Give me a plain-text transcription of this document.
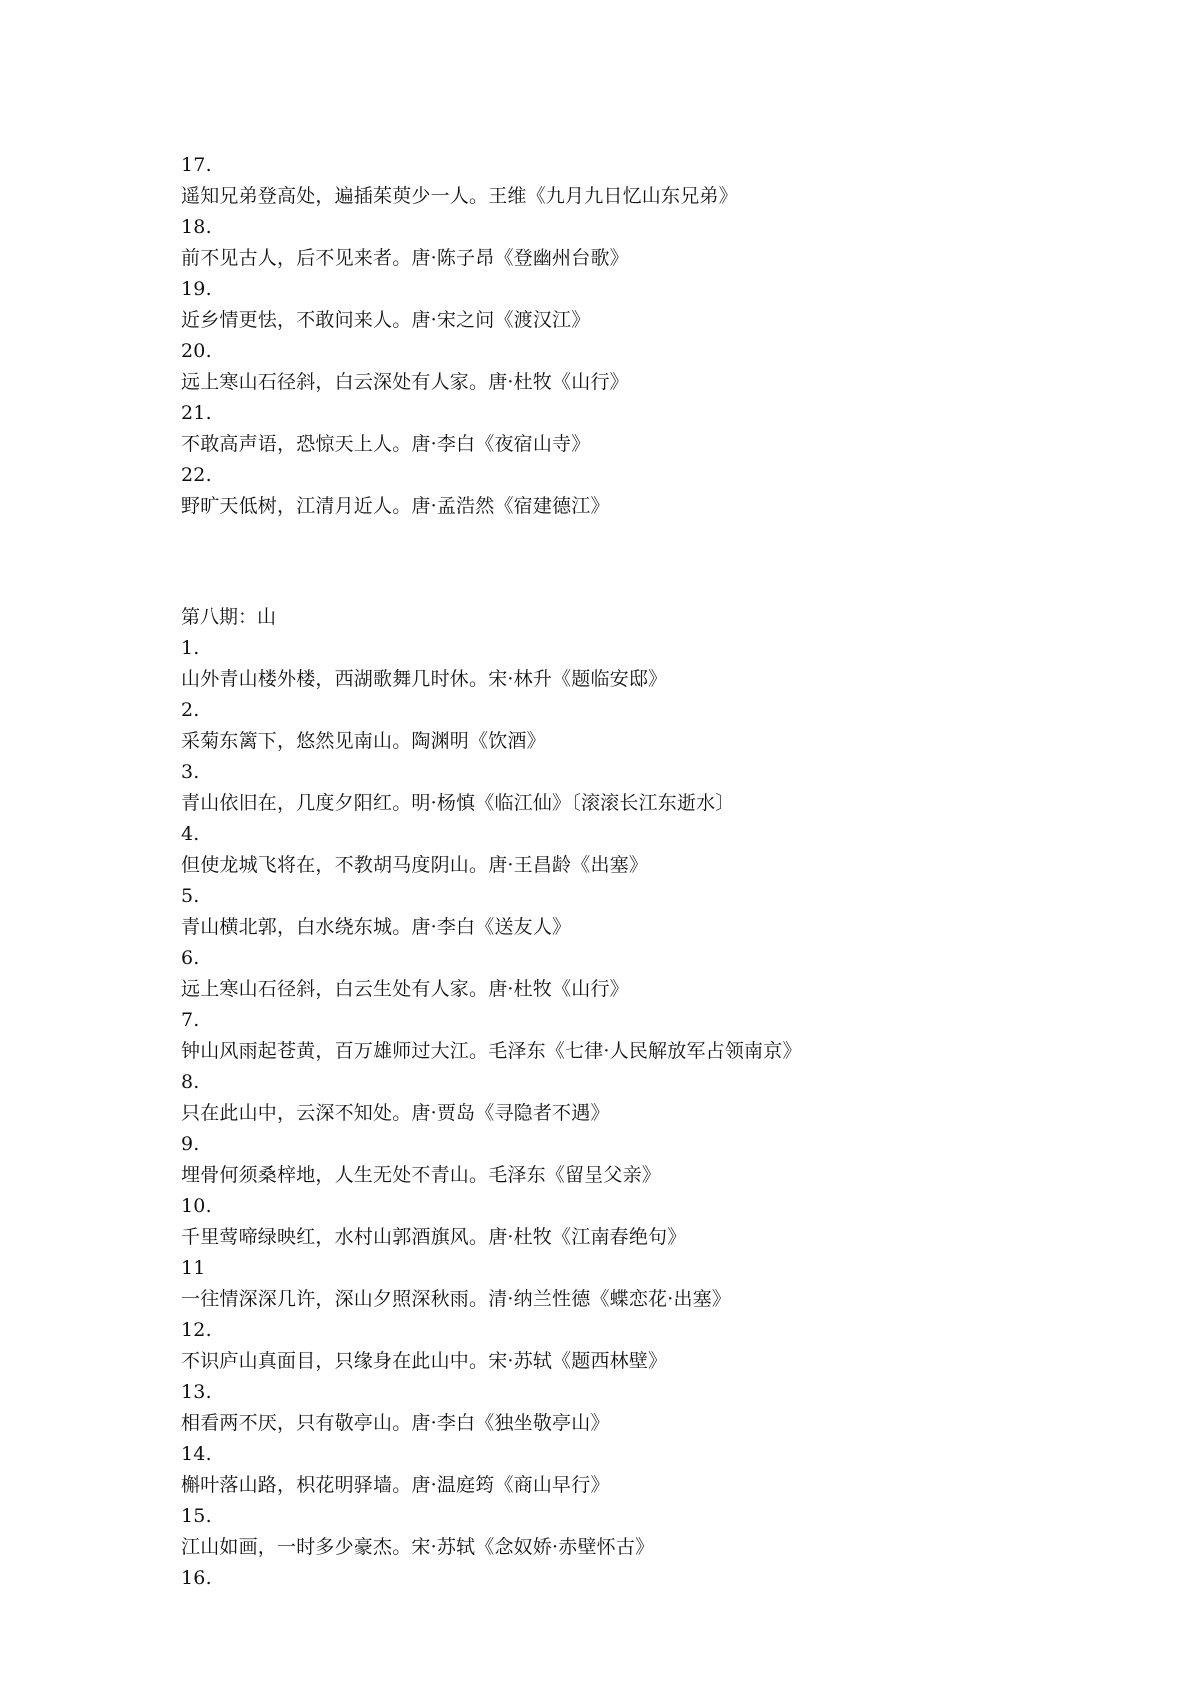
17.
遥知兄弟登高处，遍插茱萸少一人。王维《九月九日忆山东兄弟》
18.
前不见古人，后不见来者。唐·陈子昂《登幽州台歌》
19.
近乡情更怯，不敢问来人。唐·宋之问《渡汉江》
20.
远上寒山石径斜，白云深处有人家。唐·杜牧《山行》
21.
不敢高声语，恐惊天上人。唐·李白《夜宿山寺》
22.
野旷天低树，江清月近人。唐·孟浩然《宿建德江》
第八期：山
1.
山外青山楼外楼，西湖歌舞几时休。宋·林升《题临安邸》
2.
采菊东篱下，悠然见南山。陶渊明《饮酒》
3.
青山依旧在，几度夕阳红。明·杨慎《临江仙》〔滚滚长江东逝水〕
4.
但使龙城飞将在，不教胡马度阴山。唐·王昌龄《出塞》
5.
青山横北郭，白水绕东城。唐·李白《送友人》
6.
远上寒山石径斜，白云生处有人家。唐·杜牧《山行》
7.
钟山风雨起苍黄，百万雄师过大江。毛泽东《七律·人民解放军占领南京》
8.
只在此山中，云深不知处。唐·贾岛《寻隐者不遇》
9.
埋骨何须桑梓地，人生无处不青山。毛泽东《留呈父亲》
10.
千里莺啼绿映红，水村山郭酒旗风。唐·杜牧《江南春绝句》
11
一往情深深几许，深山夕照深秋雨。清·纳兰性德《蝶恋花·出塞》
12.
不识庐山真面目，只缘身在此山中。宋·苏轼《题西林壁》
13.
相看两不厌，只有敬亭山。唐·李白《独坐敬亭山》
14.
槲叶落山路，枳花明驿墙。唐·温庭筠《商山早行》
15.
江山如画，一时多少豪杰。宋·苏轼《念奴娇·赤壁怀古》
16.
